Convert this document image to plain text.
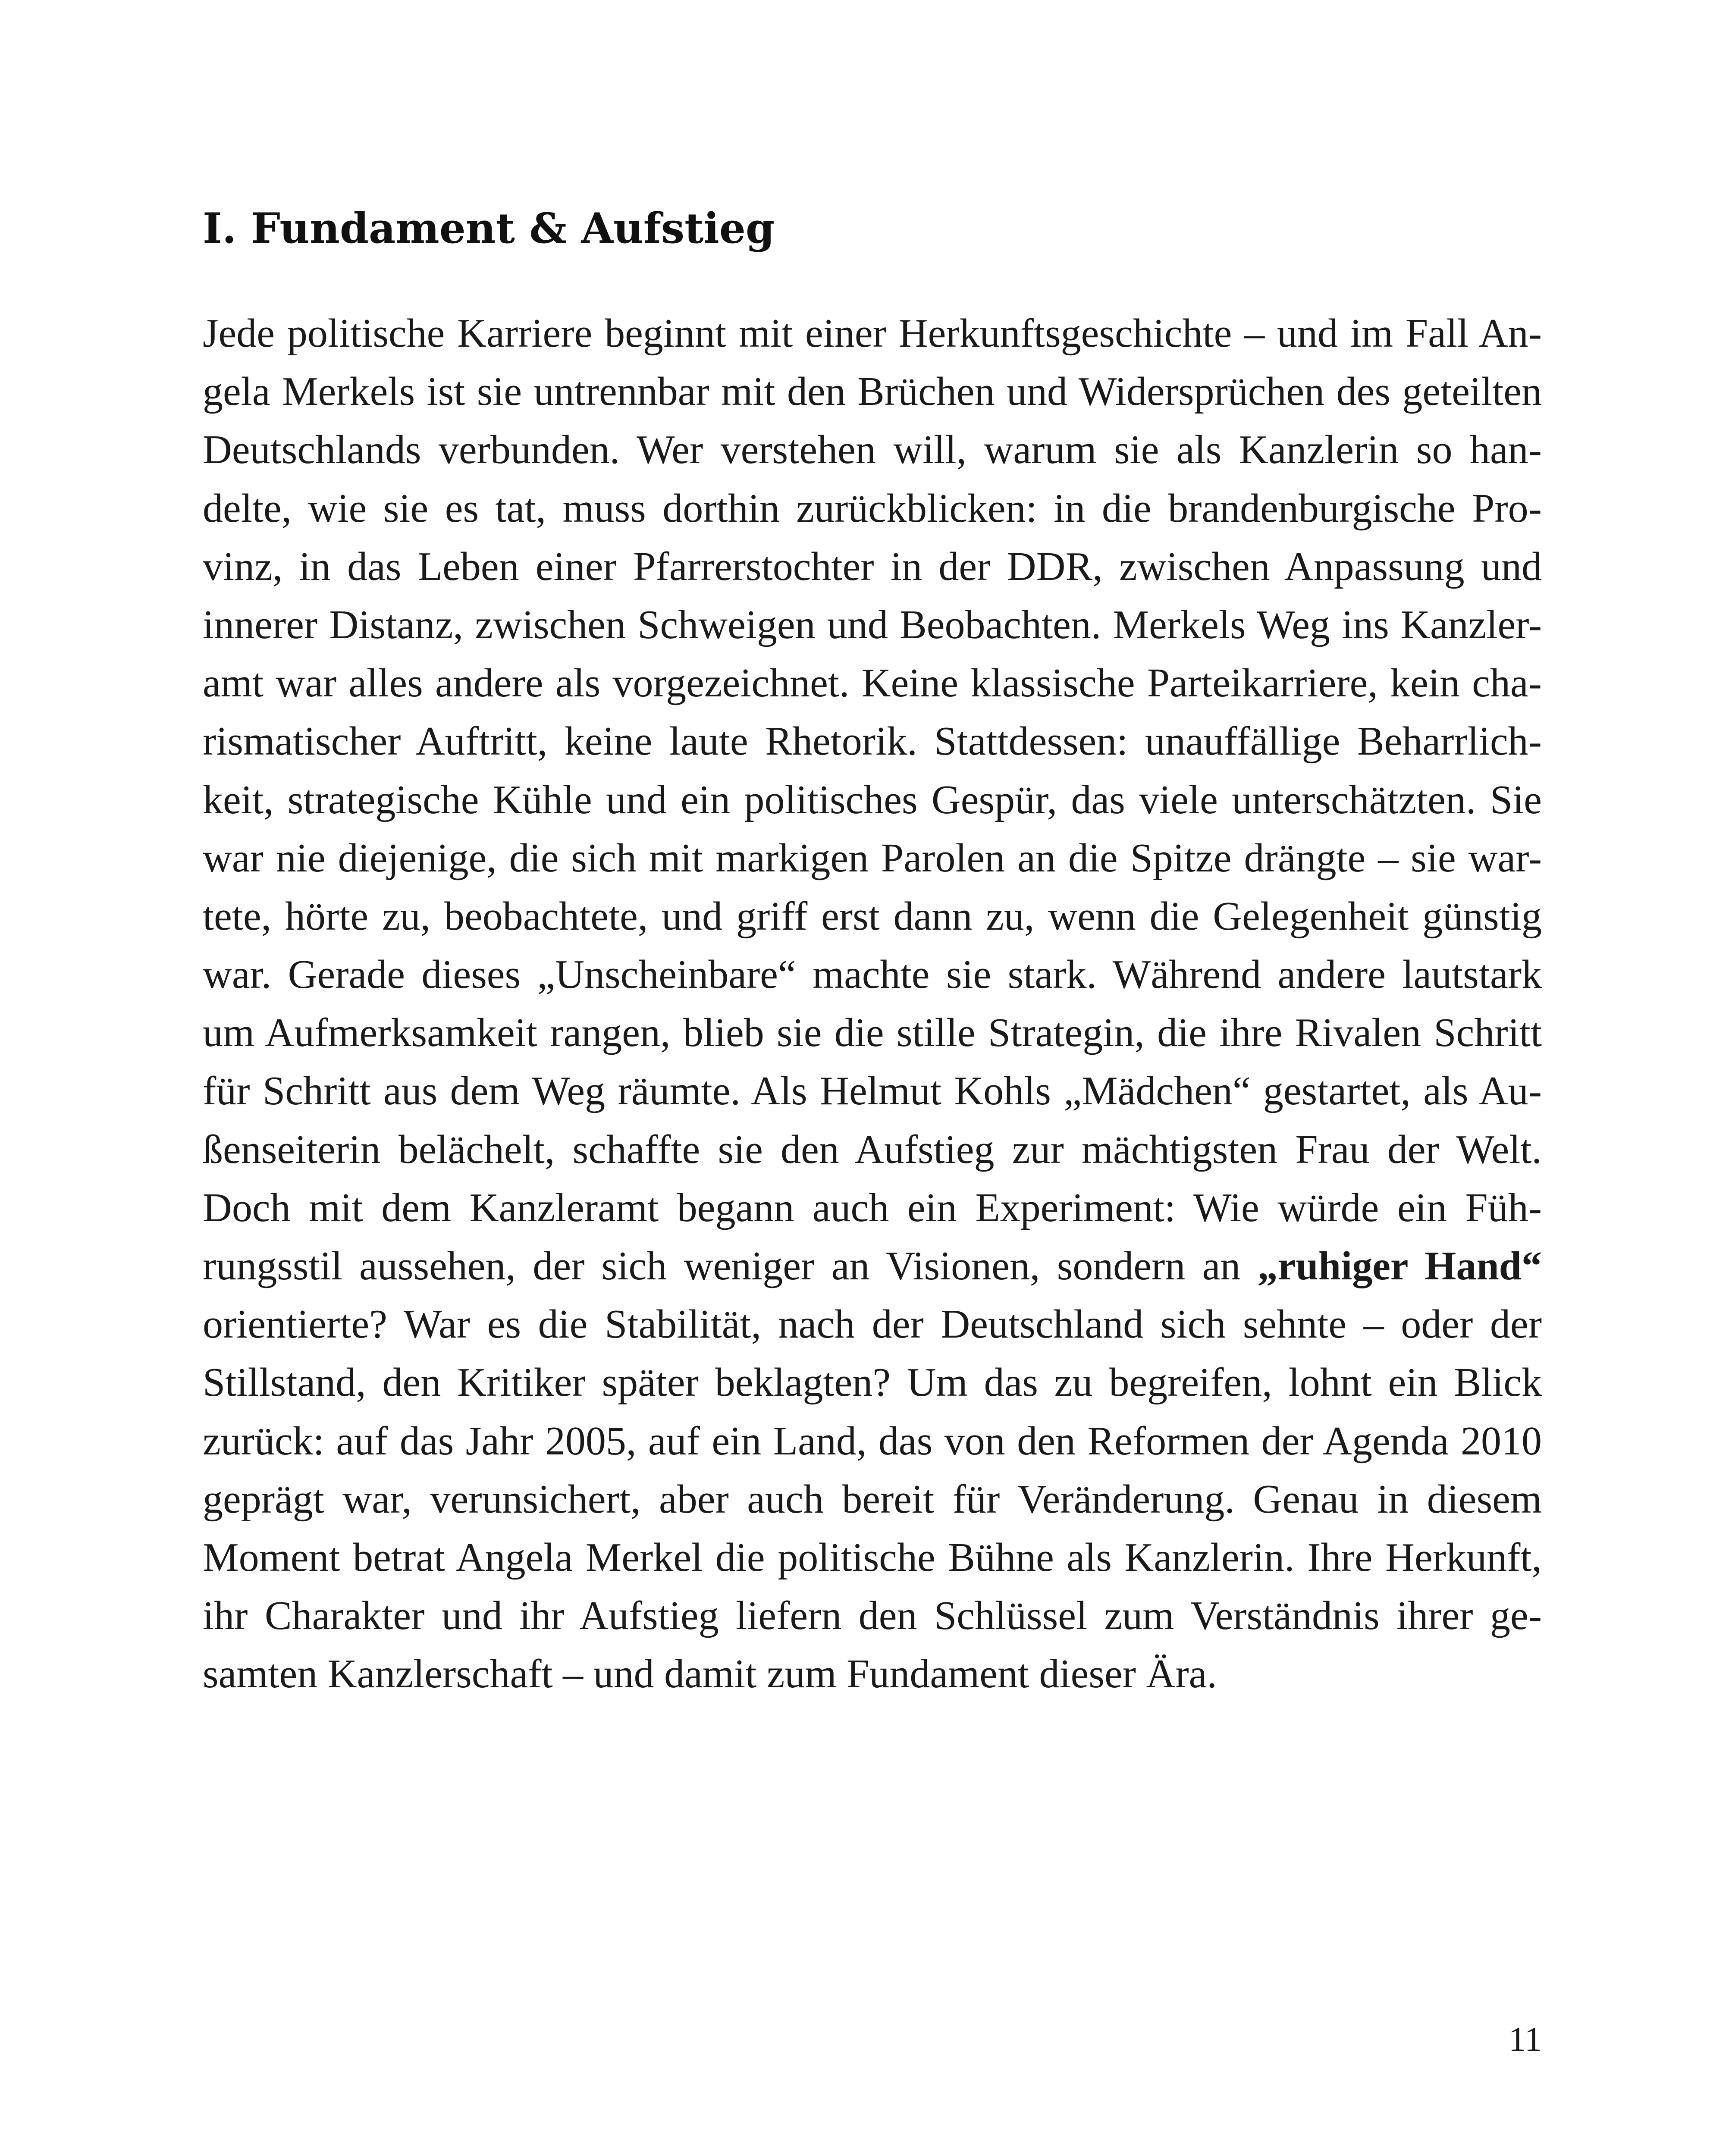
I. Fundament & Aufstieg
Jede politische Karriere beginnt mit einer Herkunftsgeschichte – und im Fall An-
gela Merkels ist sie untrennbar mit den Brüchen und Widersprüchen des geteilten
Deutschlands verbunden. Wer verstehen will, warum sie als Kanzlerin so han-
delte, wie sie es tat, muss dorthin zurückblicken: in die brandenburgische Pro-
vinz, in das Leben einer Pfarrerstochter in der DDR, zwischen Anpassung und
innerer Distanz, zwischen Schweigen und Beobachten. Merkels Weg ins Kanzler-
amt war alles andere als vorgezeichnet. Keine klassische Parteikarriere, kein cha-
rismatischer Auftritt, keine laute Rhetorik. Stattdessen: unauffällige Beharrlich-
keit, strategische Kühle und ein politisches Gespür, das viele unterschätzten. Sie
war nie diejenige, die sich mit markigen Parolen an die Spitze drängte – sie war-
tete, hörte zu, beobachtete, und griff erst dann zu, wenn die Gelegenheit günstig
war. Gerade dieses „Unscheinbare“ machte sie stark. Während andere lautstark
um Aufmerksamkeit rangen, blieb sie die stille Strategin, die ihre Rivalen Schritt
für Schritt aus dem Weg räumte. Als Helmut Kohls „Mädchen“ gestartet, als Au-
ßenseiterin belächelt, schaffte sie den Aufstieg zur mächtigsten Frau der Welt.
Doch mit dem Kanzleramt begann auch ein Experiment: Wie würde ein Füh-
rungsstil aussehen, der sich weniger an Visionen, sondern an „ruhiger Hand“
orientierte? War es die Stabilität, nach der Deutschland sich sehnte – oder der
Stillstand, den Kritiker später beklagten? Um das zu begreifen, lohnt ein Blick
zurück: auf das Jahr 2005, auf ein Land, das von den Reformen der Agenda 2010
geprägt war, verunsichert, aber auch bereit für Veränderung. Genau in diesem
Moment betrat Angela Merkel die politische Bühne als Kanzlerin. Ihre Herkunft,
ihr Charakter und ihr Aufstieg liefern den Schlüssel zum Verständnis ihrer ge-
samten Kanzlerschaft – und damit zum Fundament dieser Ära.
11
